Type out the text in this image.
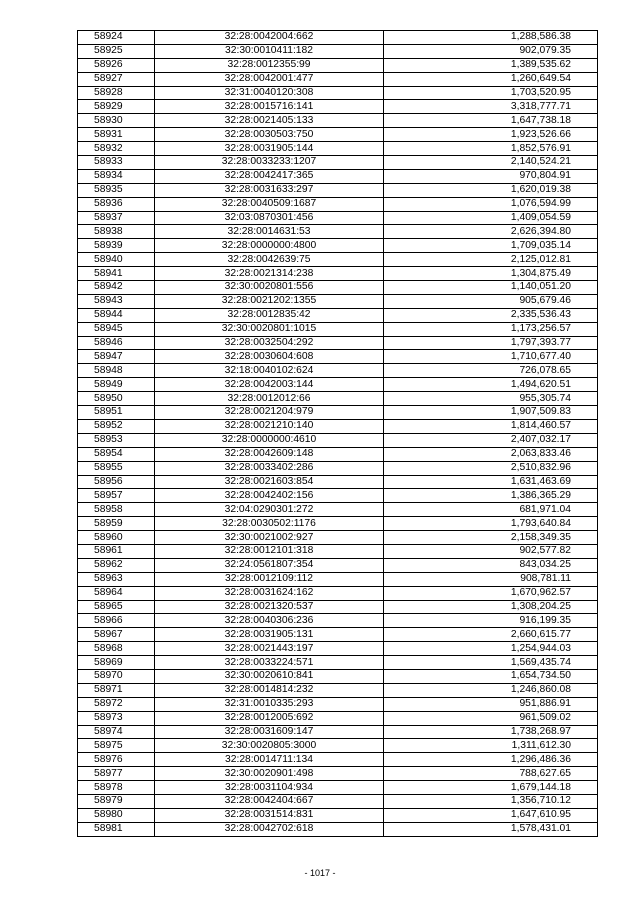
58924	32:28:0042004:662	1,288,586.38
58925	32:30:0010411:182	902,079.35
58926	32:28:0012355:99	1,389,535.62
58927	32:28:0042001:477	1,260,649.54
58928	32:31:0040120:308	1,703,520.95
58929	32:28:0015716:141	3,318,777.71
58930	32:28:0021405:133	1,647,738.18
58931	32:28:0030503:750	1,923,526.66
58932	32:28:0031905:144	1,852,576.91
58933	32:28:0033233:1207	2,140,524.21
58934	32:28:0042417:365	970,804.91
58935	32:28:0031633:297	1,620,019.38
58936	32:28:0040509:1687	1,076,594.99
58937	32:03:0870301:456	1,409,054.59
58938	32:28:0014631:53	2,626,394.80
58939	32:28:0000000:4800	1,709,035.14
58940	32:28:0042639:75	2,125,012.81
58941	32:28:0021314:238	1,304,875.49
58942	32:30:0020801:556	1,140,051.20
58943	32:28:0021202:1355	905,679.46
58944	32:28:0012835:42	2,335,536.43
58945	32:30:0020801:1015	1,173,256.57
58946	32:28:0032504:292	1,797,393.77
58947	32:28:0030604:608	1,710,677.40
58948	32:18:0040102:624	726,078.65
58949	32:28:0042003:144	1,494,620.51
58950	32:28:0012012:66	955,305.74
58951	32:28:0021204:979	1,907,509.83
58952	32:28:0021210:140	1,814,460.57
58953	32:28:0000000:4610	2,407,032.17
58954	32:28:0042609:148	2,063,833.46
58955	32:28:0033402:286	2,510,832.96
58956	32:28:0021603:854	1,631,463.69
58957	32:28:0042402:156	1,386,365.29
58958	32:04:0290301:272	681,971.04
58959	32:28:0030502:1176	1,793,640.84
58960	32:30:0021002:927	2,158,349.35
58961	32:28:0012101:318	902,577.82
58962	32:24:0561807:354	843,034.25
58963	32:28:0012109:112	908,781.11
58964	32:28:0031624:162	1,670,962.57
58965	32:28:0021320:537	1,308,204.25
58966	32:28:0040306:236	916,199.35
58967	32:28:0031905:131	2,660,615.77
58968	32:28:0021443:197	1,254,944.03
58969	32:28:0033224:571	1,569,435.74
58970	32:30:0020610:841	1,654,734.50
58971	32:28:0014814:232	1,246,860.08
58972	32:31:0010335:293	951,886.91
58973	32:28:0012005:692	961,509.02
58974	32:28:0031609:147	1,738,268.97
58975	32:30:0020805:3000	1,311,612.30
58976	32:28:0014711:134	1,296,486.36
58977	32:30:0020901:498	788,627.65
58978	32:28:0031104:934	1,679,144.18
58979	32:28:0042404:667	1,356,710.12
58980	32:28:0031514:831	1,647,610.95
58981	32:28:0042702:618	1,578,431.01
- 1017 -
